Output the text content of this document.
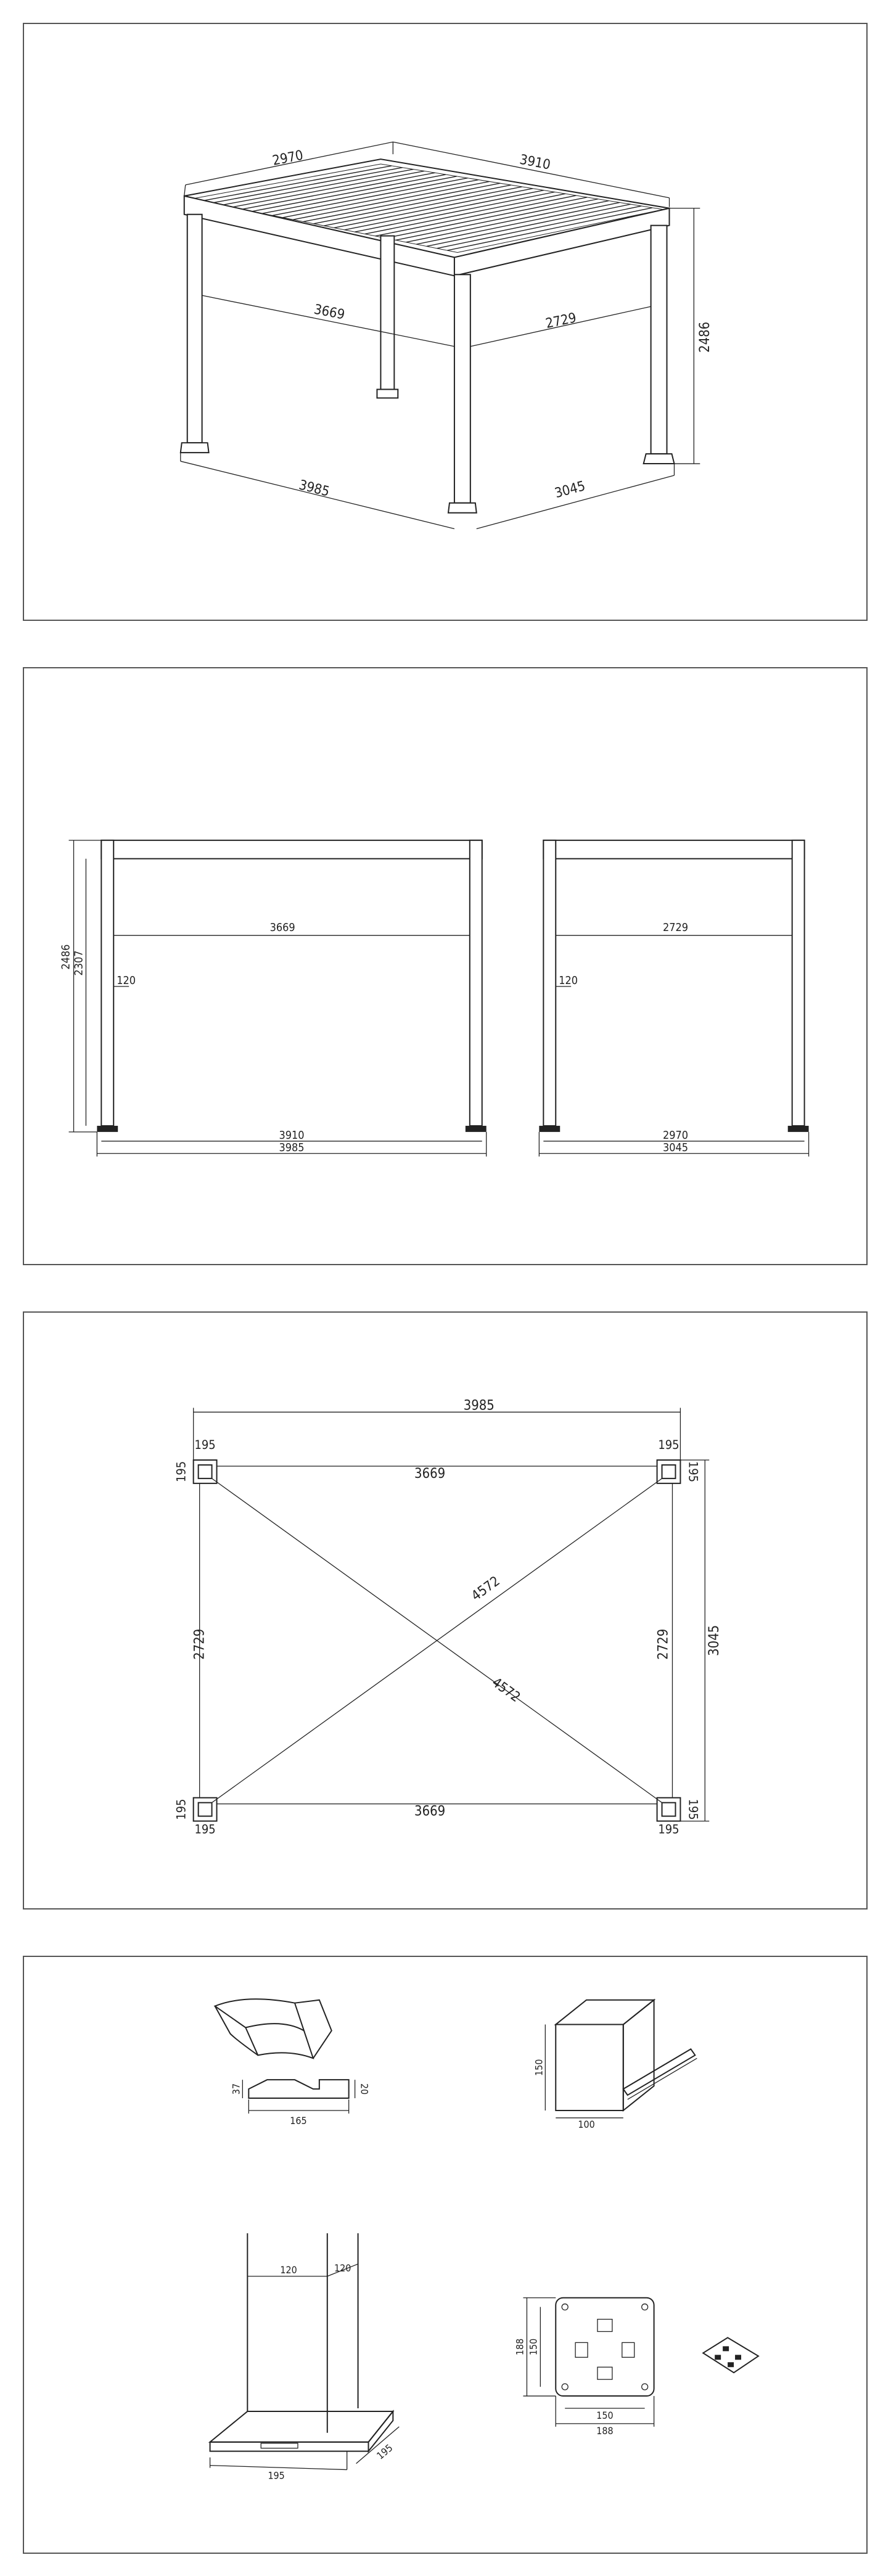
2970	3910
3669	2729
2486
3985	3045
3669
120
2486 2307
3910
3985
2729
120
2970
3045
4572
4572
3985
3669
3669
2729	2729	3045
195
195
195
195
195
195
195
195
37	20
165
150
100
120	120
195
195
188 150
150
188
